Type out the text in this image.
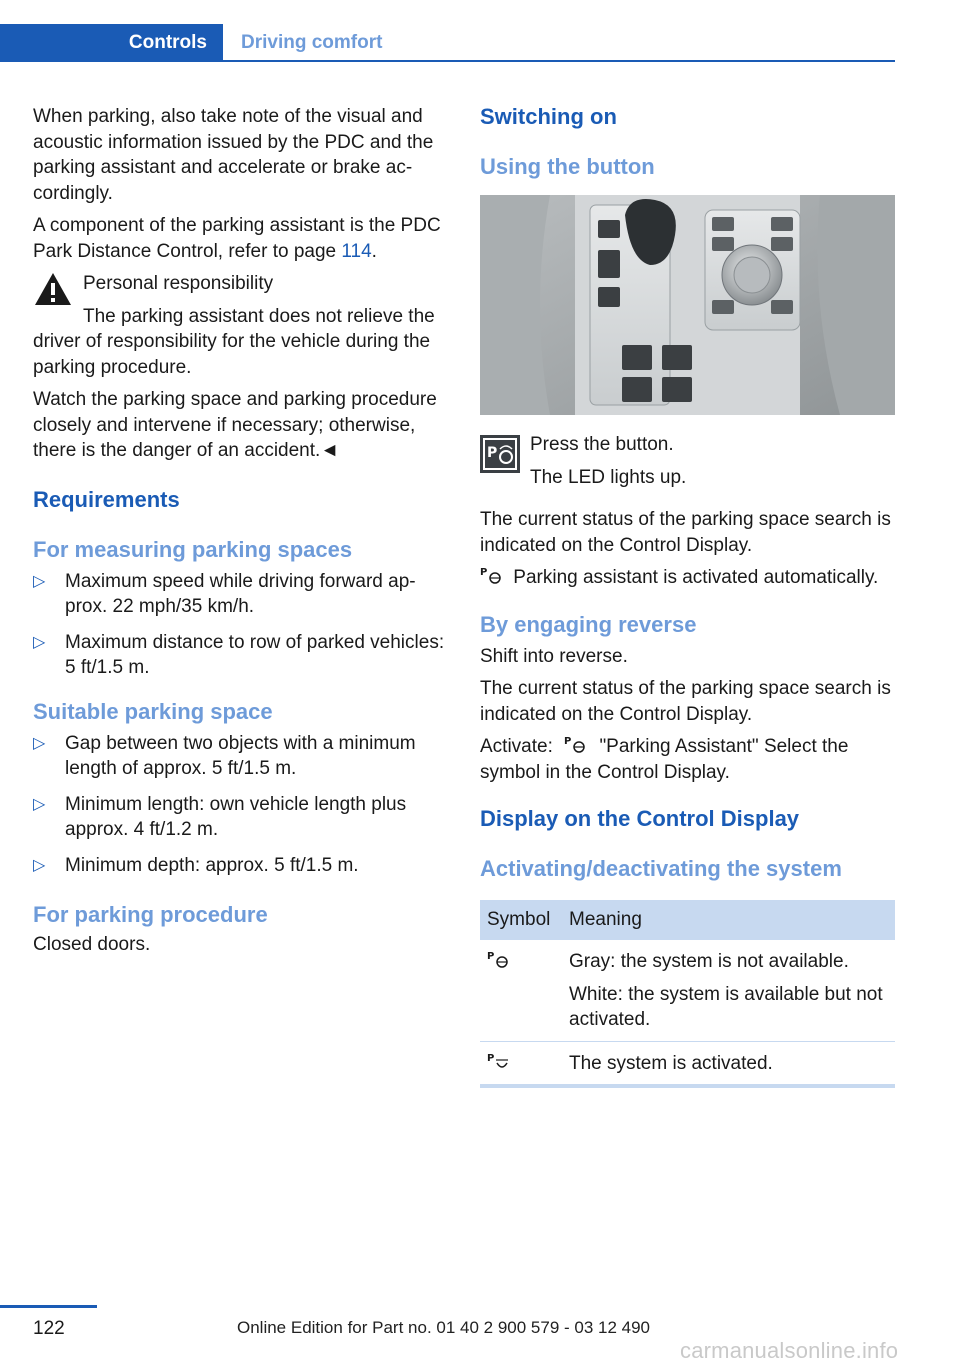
Controls	Driving comfort

When parking, also take note of the visual and acoustic information issued by the PDC and the parking assistant and accelerate or brake accordingly.

A component of the parking assistant is the PDC Park Distance Control, refer to page 114.

Personal responsibility

The parking assistant does not relieve the driver of responsibility for the vehicle during the parking procedure.

Watch the parking space and parking procedure closely and intervene if necessary; otherwise, there is the danger of an accident.◄

Requirements
For measuring parking spaces
▷ Maximum speed while driving forward approx. 22 mph/35 km/h.
▷ Maximum distance to row of parked vehicles: 5 ft/1.5 m.
Suitable parking space
▷ Gap between two objects with a minimum length of approx. 5 ft/1.5 m.
▷ Minimum length: own vehicle length plus approx. 4 ft/1.2 m.
▷ Minimum depth: approx. 5 ft/1.5 m.
For parking procedure

Closed doors.

Switching on
Using the button
P Press the button.

The LED lights up.

The current status of the parking space search is indicated on the Control Display.

P Parking assistant is activated automatically.

By engaging reverse

Shift into reverse.

The current status of the parking space search is indicated on the Control Display.

Activate: P "Parking Assistant" Select the symbol in the Control Display.

Display on the Control Display
Activating/deactivating the system
Symbol	Meaning

P	Gray: the system is not available.

White: the system is available but not activated.

P	The system is activated.
122	Online Edition for Part no. 01 40 2 900 579 - 03 12 490
carmanualsonline.info
